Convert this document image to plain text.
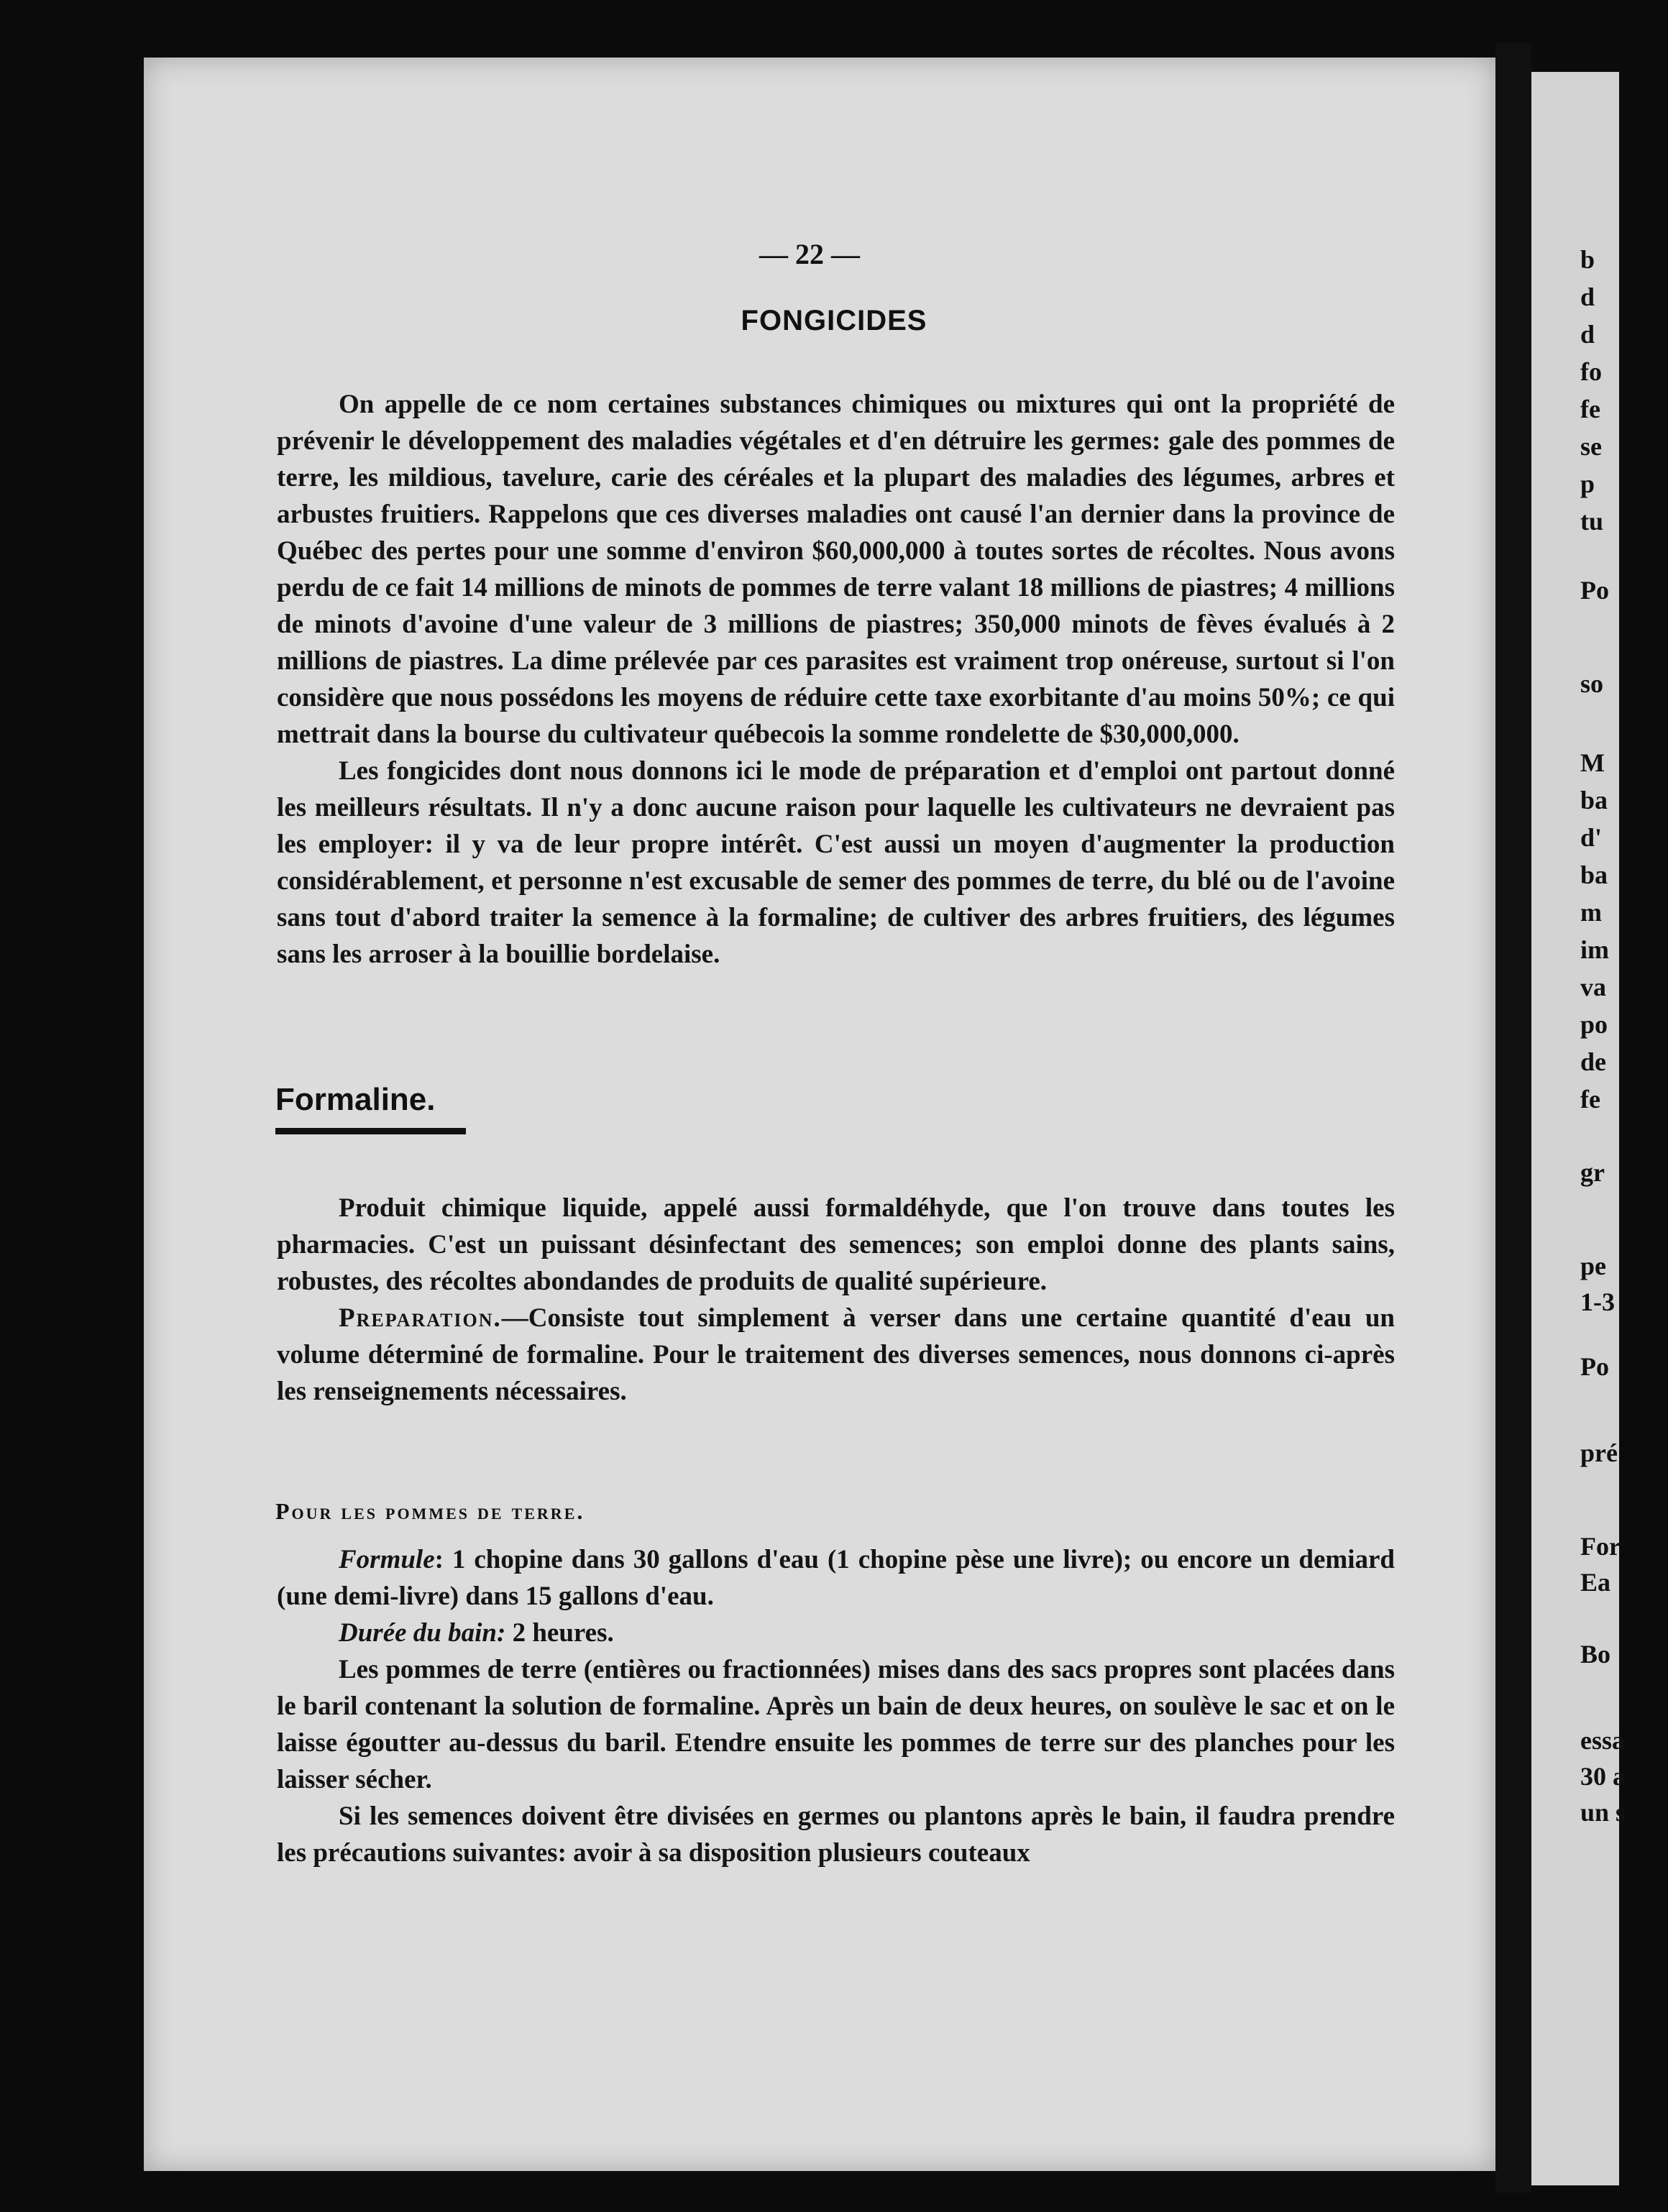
b

d

d

fo

fe

se

p

tu

Po

so

M

ba

d'

ba

m

im

va

po

de

fe

gr

pe

1-3

Po

pré

For

Ea

Bo

essa

30 a

un s

— 22 —

FONGICIDES

On appelle de ce nom certaines substances chimiques ou mixtures qui ont la propriété de prévenir le développement des maladies végétales et d'en détruire les germes: gale des pommes de terre, les mildious, tavelure, carie des céréales et la plupart des maladies des légumes, arbres et arbustes fruitiers. Rappelons que ces diverses maladies ont causé l'an dernier dans la province de Québec des pertes pour une somme d'environ $60,000,000 à toutes sortes de récoltes. Nous avons perdu de ce fait 14 millions de minots de pommes de terre valant 18 millions de piastres; 4 millions de minots d'avoine d'une valeur de 3 millions de piastres; 350,000 minots de fèves évalués à 2 millions de piastres. La dime prélevée par ces parasites est vraiment trop onéreuse, surtout si l'on considère que nous possédons les moyens de réduire cette taxe exorbitante d'au moins 50%; ce qui mettrait dans la bourse du cultivateur québecois la somme rondelette de $30,000,000.

Les fongicides dont nous donnons ici le mode de préparation et d'emploi ont partout donné les meilleurs résultats. Il n'y a donc aucune raison pour laquelle les cultivateurs ne devraient pas les employer: il y va de leur propre intérêt. C'est aussi un moyen d'augmenter la production considérablement, et personne n'est excusable de semer des pommes de terre, du blé ou de l'avoine sans tout d'abord traiter la semence à la formaline; de cultiver des arbres fruitiers, des légumes sans les arroser à la bouillie bordelaise.

Formaline.

Produit chimique liquide, appelé aussi formaldéhyde, que l'on trouve dans toutes les pharmacies. C'est un puissant désinfectant des semences; son emploi donne des plants sains, robustes, des récoltes abondandes de produits de qualité supérieure.

Preparation.—Consiste tout simplement à verser dans une certaine quantité d'eau un volume déterminé de formaline. Pour le traitement des diverses semences, nous donnons ci-après les renseignements nécessaires.

Pour les pommes de terre.

Formule: 1 chopine dans 30 gallons d'eau (1 chopine pèse une livre); ou encore un demiard (une demi-livre) dans 15 gallons d'eau.

Durée du bain: 2 heures.

Les pommes de terre (entières ou fractionnées) mises dans des sacs propres sont placées dans le baril contenant la solution de formaline. Après un bain de deux heures, on soulève le sac et on le laisse égoutter au-dessus du baril. Etendre ensuite les pommes de terre sur des planches pour les laisser sécher.

Si les semences doivent être divisées en germes ou plantons après le bain, il faudra prendre les précautions suivantes: avoir à sa disposition plusieurs couteaux
